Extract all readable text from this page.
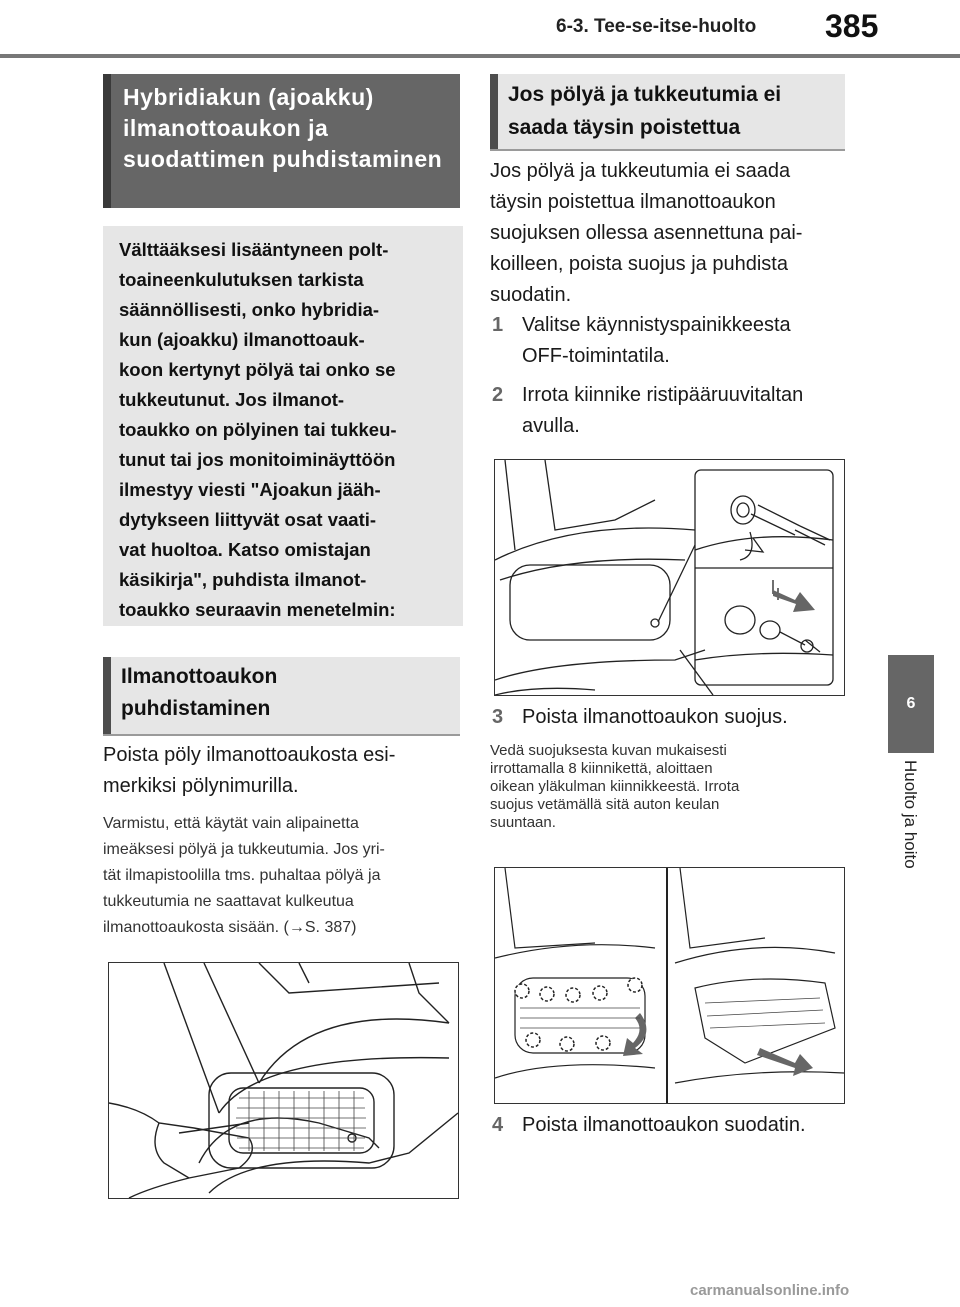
6-3. Tee-se-itse-huolto 385
6
Huolto ja hoito
Hybridiakun (ajoakku) ilmanottoaukon ja suodattimen puhdistaminen
Välttääksesi lisääntyneen polt-
toaineenkulutuksen tarkista
säännöllisesti, onko hybridia-
kun (ajoakku) ilmanottoauk-
koon kertynyt pölyä tai onko se
tukkeutunut. Jos ilmanot-
toaukko on pölyinen tai tukkeu-
tunut tai jos monitoiminäyttöön
ilmestyy viesti "Ajoakun jääh-
dytykseen liittyvät osat vaati-
vat huoltoa. Katso omistajan
käsikirja", puhdista ilmanot-
toaukko seuraavin menetelmin:
Ilmanottoaukon
puhdistaminen
Poista pöly ilmanottoaukosta esi-
merkiksi pölynimurilla.
Varmistu, että käytät vain alipainetta
imeäksesi pölyä ja tukkeutumia. Jos yri-
tät ilmapistoolilla tms. puhaltaa pölyä ja
tukkeutumia ne saattavat kulkeutua
ilmanottoaukosta sisään. (→S. 387)
Jos pölyä ja tukkeutumia ei
saada täysin poistettua
Jos pölyä ja tukkeutumia ei saada
täysin poistettua ilmanottoaukon
suojuksen ollessa asennettuna pai-
koilleen, poista suojus ja puhdista
suodatin.
1 Valitse käynnistyspainikkeesta
OFF-toimintatila.
2 Irrota kiinnike ristipääruuvitaltan
avulla.
3 Poista ilmanottoaukon suojus.
Vedä suojuksesta kuvan mukaisesti
irrottamalla 8 kiinnikettä, aloittaen
oikean yläkulman kiinnikkeestä. Irrota
suojus vetämällä sitä auton keulan
suuntaan.
4 Poista ilmanottoaukon suodatin.
carmanualsonline.info
